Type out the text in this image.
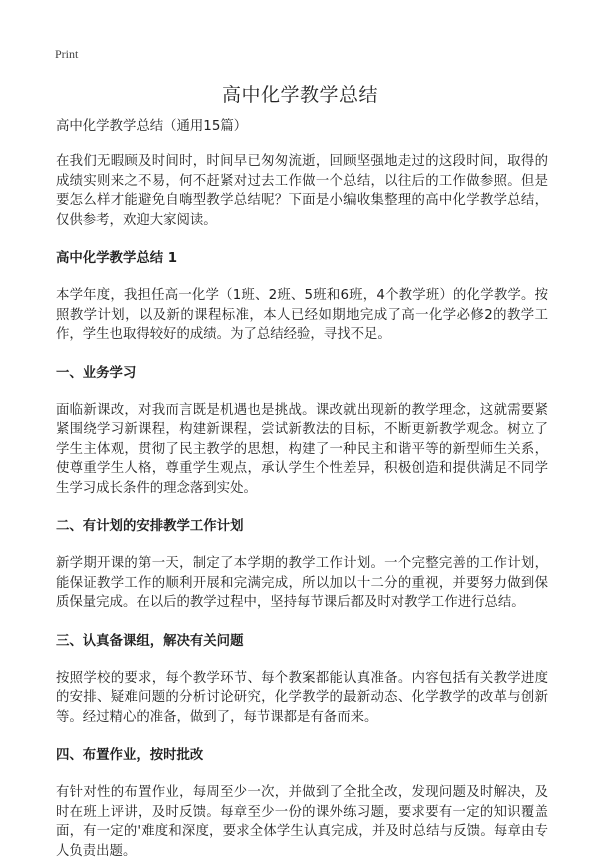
Print
高中化学教学总结

高中化学教学总结（通用15篇）

在我们无暇顾及时间时，时间早已匆匆流逝，回顾坚强地走过的这段时间，取得的成绩实则来之不易，何不赶紧对过去工作做一个总结，以往后的工作做参照。但是要怎么样才能避免自嗨型教学总结呢？下面是小编收集整理的高中化学教学总结，仅供参考，欢迎大家阅读。

高中化学教学总结 1

本学年度，我担任高一化学（1班、2班、5班和6班，4个教学班）的化学教学。按照教学计划，以及新的课程标准，本人已经如期地完成了高一化学必修2的教学工作，学生也取得较好的成绩。为了总结经验，寻找不足。

一、业务学习

面临新课改，对我而言既是机遇也是挑战。课改就出现新的教学理念，这就需要紧紧围绕学习新课程，构建新课程，尝试新教法的目标，不断更新教学观念。树立了学生主体观，贯彻了民主教学的思想，构建了一种民主和谐平等的新型师生关系，使尊重学生人格，尊重学生观点，承认学生个性差异，积极创造和提供满足不同学生学习成长条件的理念落到实处。

二、有计划的安排教学工作计划

新学期开课的第一天，制定了本学期的教学工作计划。一个完整完善的工作计划，能保证教学工作的顺利开展和完满完成，所以加以十二分的重视，并要努力做到保质保量完成。在以后的教学过程中，坚持每节课后都及时对教学工作进行总结。

三、认真备课组，解决有关问题

按照学校的要求，每个教学环节、每个教案都能认真准备。内容包括有关教学进度的安排、疑难问题的分析讨论研究，化学教学的最新动态、化学教学的改革与创新等。经过精心的准备，做到了，每节课都是有备而来。

四、布置作业，按时批改

有针对性的布置作业，每周至少一次，并做到了全批全改，发现问题及时解决，及时在班上评讲，及时反馈。每章至少一份的课外练习题，要求要有一定的知识覆盖面，有一定的'难度和深度，要求全体学生认真完成，并及时总结与反馈。每章由专人负责出题。
